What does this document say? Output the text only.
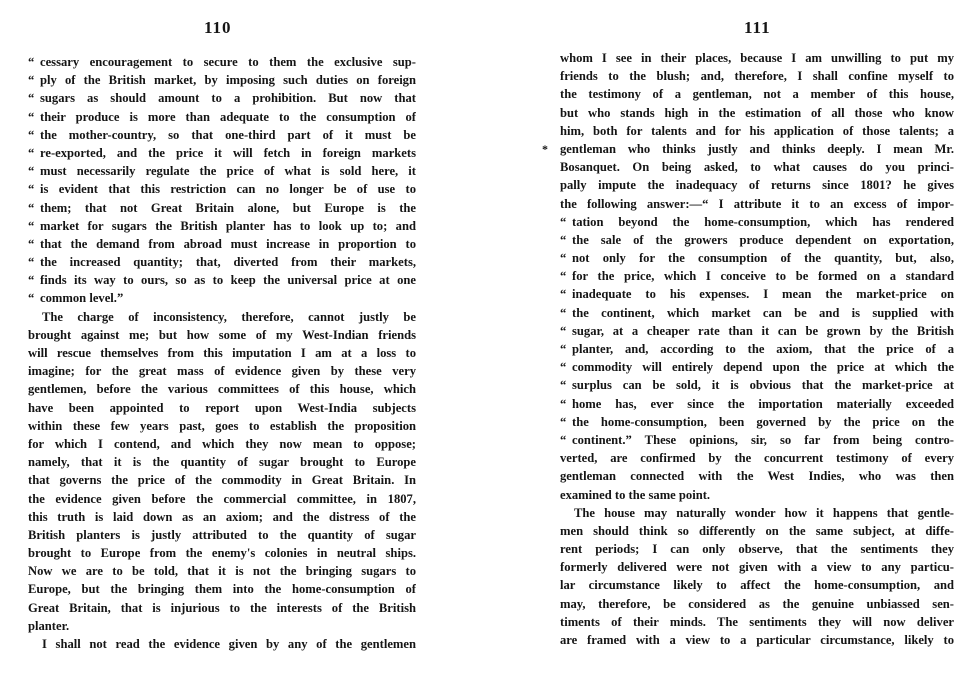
110
“ cessary encouragement to secure to them the exclusive sup-
“ ply of the British market, by imposing such duties on foreign
“ sugars as should amount to a prohibition. But now that
“ their produce is more than adequate to the consumption of
“ the mother-country, so that one-third part of it must be
“ re-exported, and the price it will fetch in foreign markets
“ must necessarily regulate the price of what is sold here, it
“ is evident that this restriction can no longer be of use to
“ them; that not Great Britain alone, but Europe is the
“ market for sugars the British planter has to look up to; and
“ that the demand from abroad must increase in proportion to
“ the increased quantity; that, diverted from their markets,
“ finds its way to ours, so as to keep the universal price at one
“ common level.”
The charge of inconsistency, therefore, cannot justly be
brought against me; but how some of my West-Indian friends
will rescue themselves from this imputation I am at a loss to
imagine; for the great mass of evidence given by these very
gentlemen, before the various committees of this house, which
have been appointed to report upon West-India subjects
within these few years past, goes to establish the proposition
for which I contend, and which they now mean to oppose;
namely, that it is the quantity of sugar brought to Europe
that governs the price of the commodity in Great Britain. In
the evidence given before the commercial committee, in 1807,
this truth is laid down as an axiom; and the distress of the
British planters is justly attributed to the quantity of sugar
brought to Europe from the enemy's colonies in neutral ships.
Now we are to be told, that it is not the bringing sugars to
Europe, but the bringing them into the home-consumption of
Great Britain, that is injurious to the interests of the British
planter.
I shall not read the evidence given by any of the gentlemen
111
*
whom I see in their places, because I am unwilling to put my
friends to the blush; and, therefore, I shall confine myself to
the testimony of a gentleman, not a member of this house,
but who stands high in the estimation of all those who know
him, both for talents and for his application of those talents; a
gentleman who thinks justly and thinks deeply. I mean Mr.
Bosanquet. On being asked, to what causes do you princi-
pally impute the inadequacy of returns since 1801? he gives
the following answer:—“ I attribute it to an excess of impor-
“ tation beyond the home-consumption, which has rendered
“ the sale of the growers produce dependent on exportation,
“ not only for the consumption of the quantity, but, also,
“ for the price, which I conceive to be formed on a standard
“ inadequate to his expenses. I mean the market-price on
“ the continent, which market can be and is supplied with
“ sugar, at a cheaper rate than it can be grown by the British
“ planter, and, according to the axiom, that the price of a
“ commodity will entirely depend upon the price at which the
“ surplus can be sold, it is obvious that the market-price at
“ home has, ever since the importation materially exceeded
“ the home-consumption, been governed by the price on the
“ continent.” These opinions, sir, so far from being contro-
verted, are confirmed by the concurrent testimony of every
gentleman connected with the West Indies, who was then
examined to the same point.
The house may naturally wonder how it happens that gentle-
men should think so differently on the same subject, at diffe-
rent periods; I can only observe, that the sentiments they
formerly delivered were not given with a view to any particu-
lar circumstance likely to affect the home-consumption, and
may, therefore, be considered as the genuine unbiassed sen-
timents of their minds. The sentiments they will now deliver
are framed with a view to a particular circumstance, likely to
